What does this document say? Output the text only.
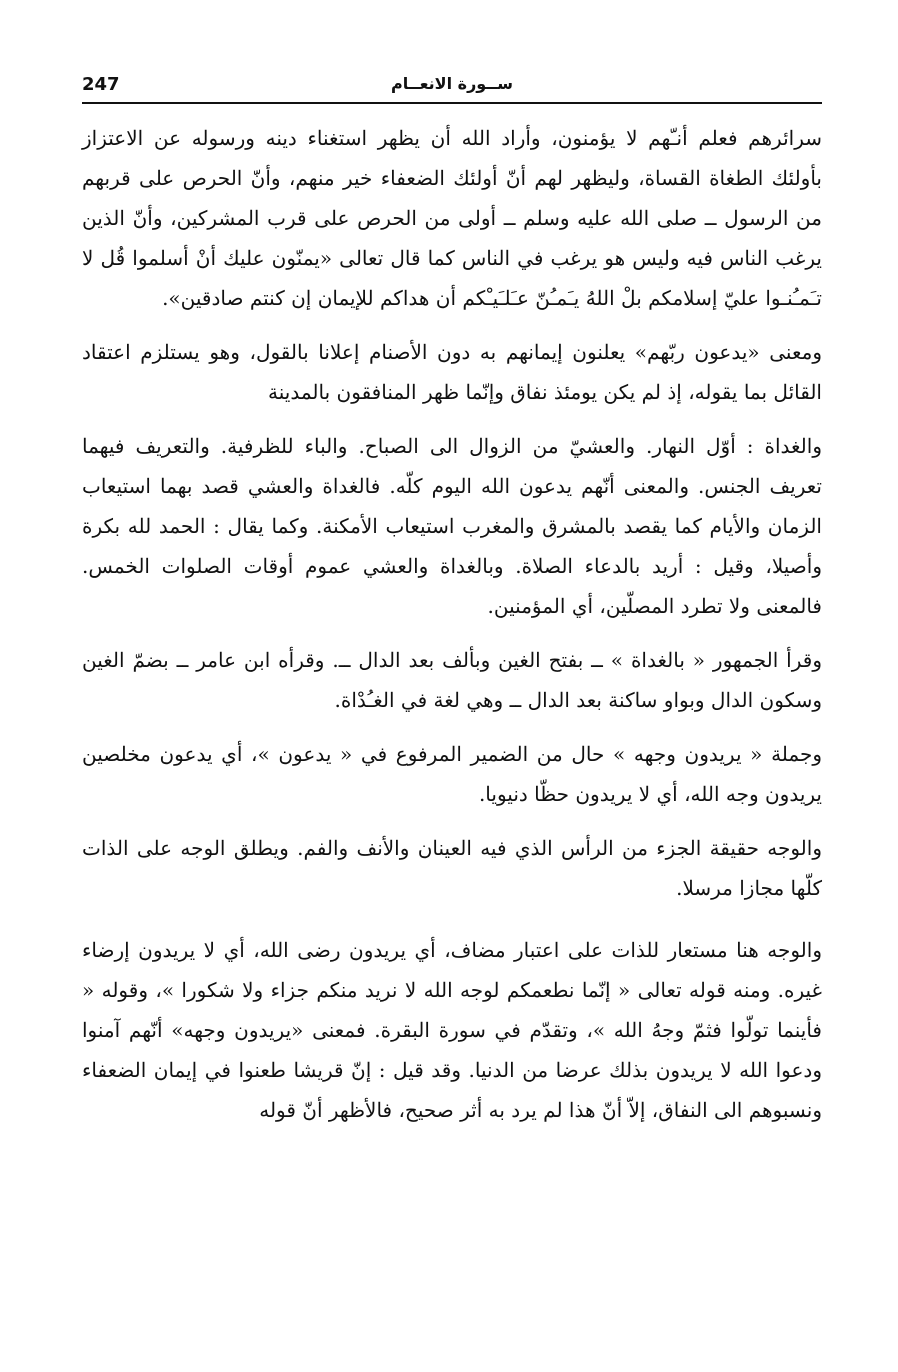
247	ســورة الانعــام

سرائرهم فعلم أنـّهم لا يؤمنون، وأراد الله أن يظهر استغناء دينه ورسوله عن الاعتزاز بأولئك الطغاة القساة، وليظهر لهم أنّ أولئك الضعفاء خير منهم، وأنّ الحرص على قربهم من الرسول ــ صلى الله عليه وسلم ــ أولى من الحرص على قرب المشركين، وأنّ الذين يرغب الناس فيه وليس هو يرغب في الناس كما قال تعالى «يمنّون عليك أنْ أسلموا قُل لا تـَمـُنـوا عليّ إسلامكم بلْ اللهُ يـَمـُنّ عـَلـَيـْكم أن هداكم للإيمان إن كنتم صادقين».

ومعنى «يدعون ربّهم» يعلنون إيمانهم به دون الأصنام إعلانا بالقول، وهو يستلزم اعتقاد القائل بما يقوله، إذ لم يكن يومئذ نفاق وإنّما ظهر المنافقون بالمدينة

والغداة : أوّل النهار. والعشيّ من الزوال الى الصباح. والباء للظرفية. والتعريف فيهما تعريف الجنس. والمعنى أنّهم يدعون الله اليوم كلّه. فالغداة والعشي قصد بهما استيعاب الزمان والأيام كما يقصد بالمشرق والمغرب استيعاب الأمكنة. وكما يقال : الحمد لله بكرة وأصيلا، وقيل : أريد بالدعاء الصلاة. وبالغداة والعشي عموم أوقات الصلوات الخمس. فالمعنى ولا تطرد المصلّين، أي المؤمنين.

وقرأ الجمهور « بالغداة » ــ بفتح الغين وبألف بعد الدال ــ. وقرأه ابن عامر ــ بضمّ الغين وسكون الدال وبواو ساكنة بعد الدال ــ وهي لغة في الغـُدْاة.

وجملة « يريدون وجهه » حال من الضمير المرفوع في « يدعون »، أي يدعون مخلصين يريدون وجه الله، أي لا يريدون حظّا دنيويا.

والوجه حقيقة الجزء من الرأس الذي فيه العينان والأنف والفم. ويطلق الوجه على الذات كلّها مجازا مرسلا.

والوجه هنا مستعار للذات على اعتبار مضاف، أي يريدون رضى الله، أي لا يريدون إرضاء غيره. ومنه قوله تعالى « إنّما نطعمكم لوجه الله لا نريد منكم جزاء ولا شكورا »، وقوله « فأينما تولّوا فثمّ وجهُ الله »، وتقدّم في سورة البقرة. فمعنى «يريدون وجهه» أنّهم آمنوا ودعوا الله لا يريدون بذلك عرضا من الدنيا. وقد قيل : إنّ قريشا طعنوا في إيمان الضعفاء ونسبوهم الى النفاق، إلاّ أنّ هذا لم يرد به أثر صحيح، فالأظهر أنّ قوله
